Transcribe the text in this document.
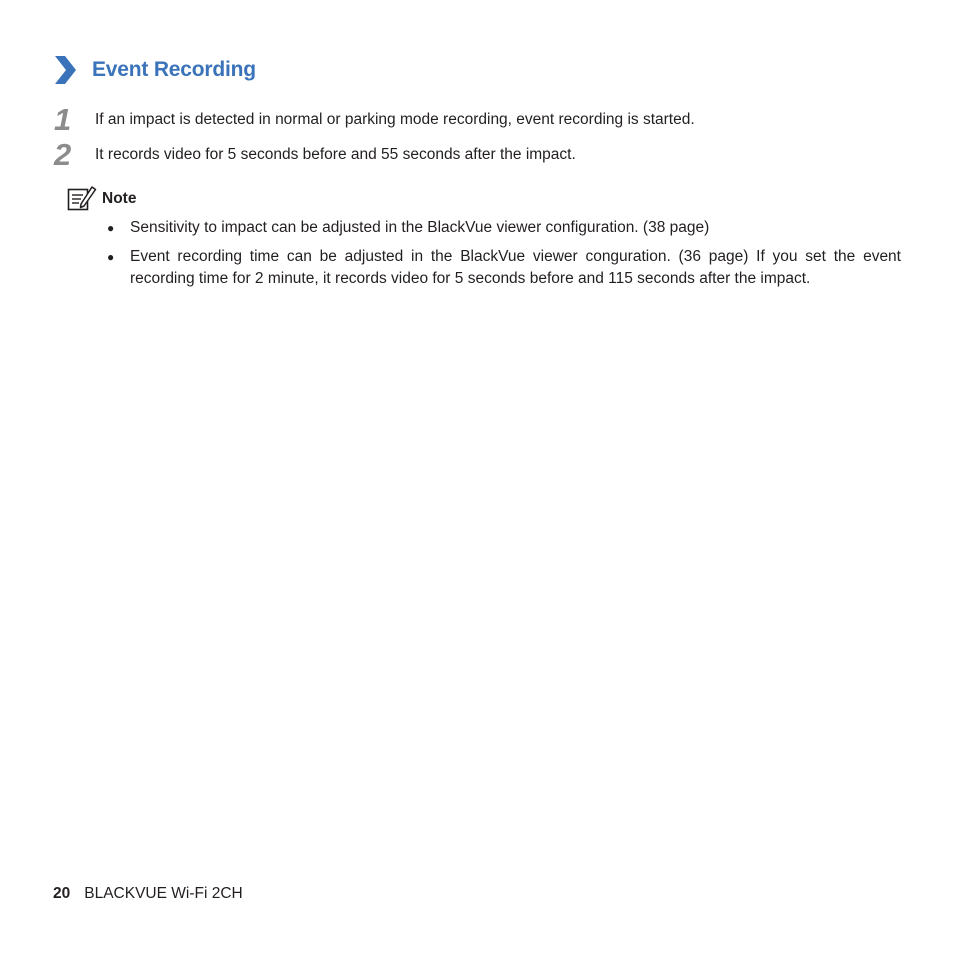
Event Recording
1	If an impact is detected in normal or parking mode recording, event recording is started.
2	It records video for 5 seconds before and 55 seconds after the impact.
Note
●	Sensitivity to impact can be adjusted in the BlackVue viewer configuration. (38 page)
●	Event recording time can be adjusted in the BlackVue viewer conguration. (36 page) If you set the event recording time for 2 minute, it records video for 5 seconds before and 115 seconds after the impact.
20 BLACKVUE Wi-Fi 2CH
